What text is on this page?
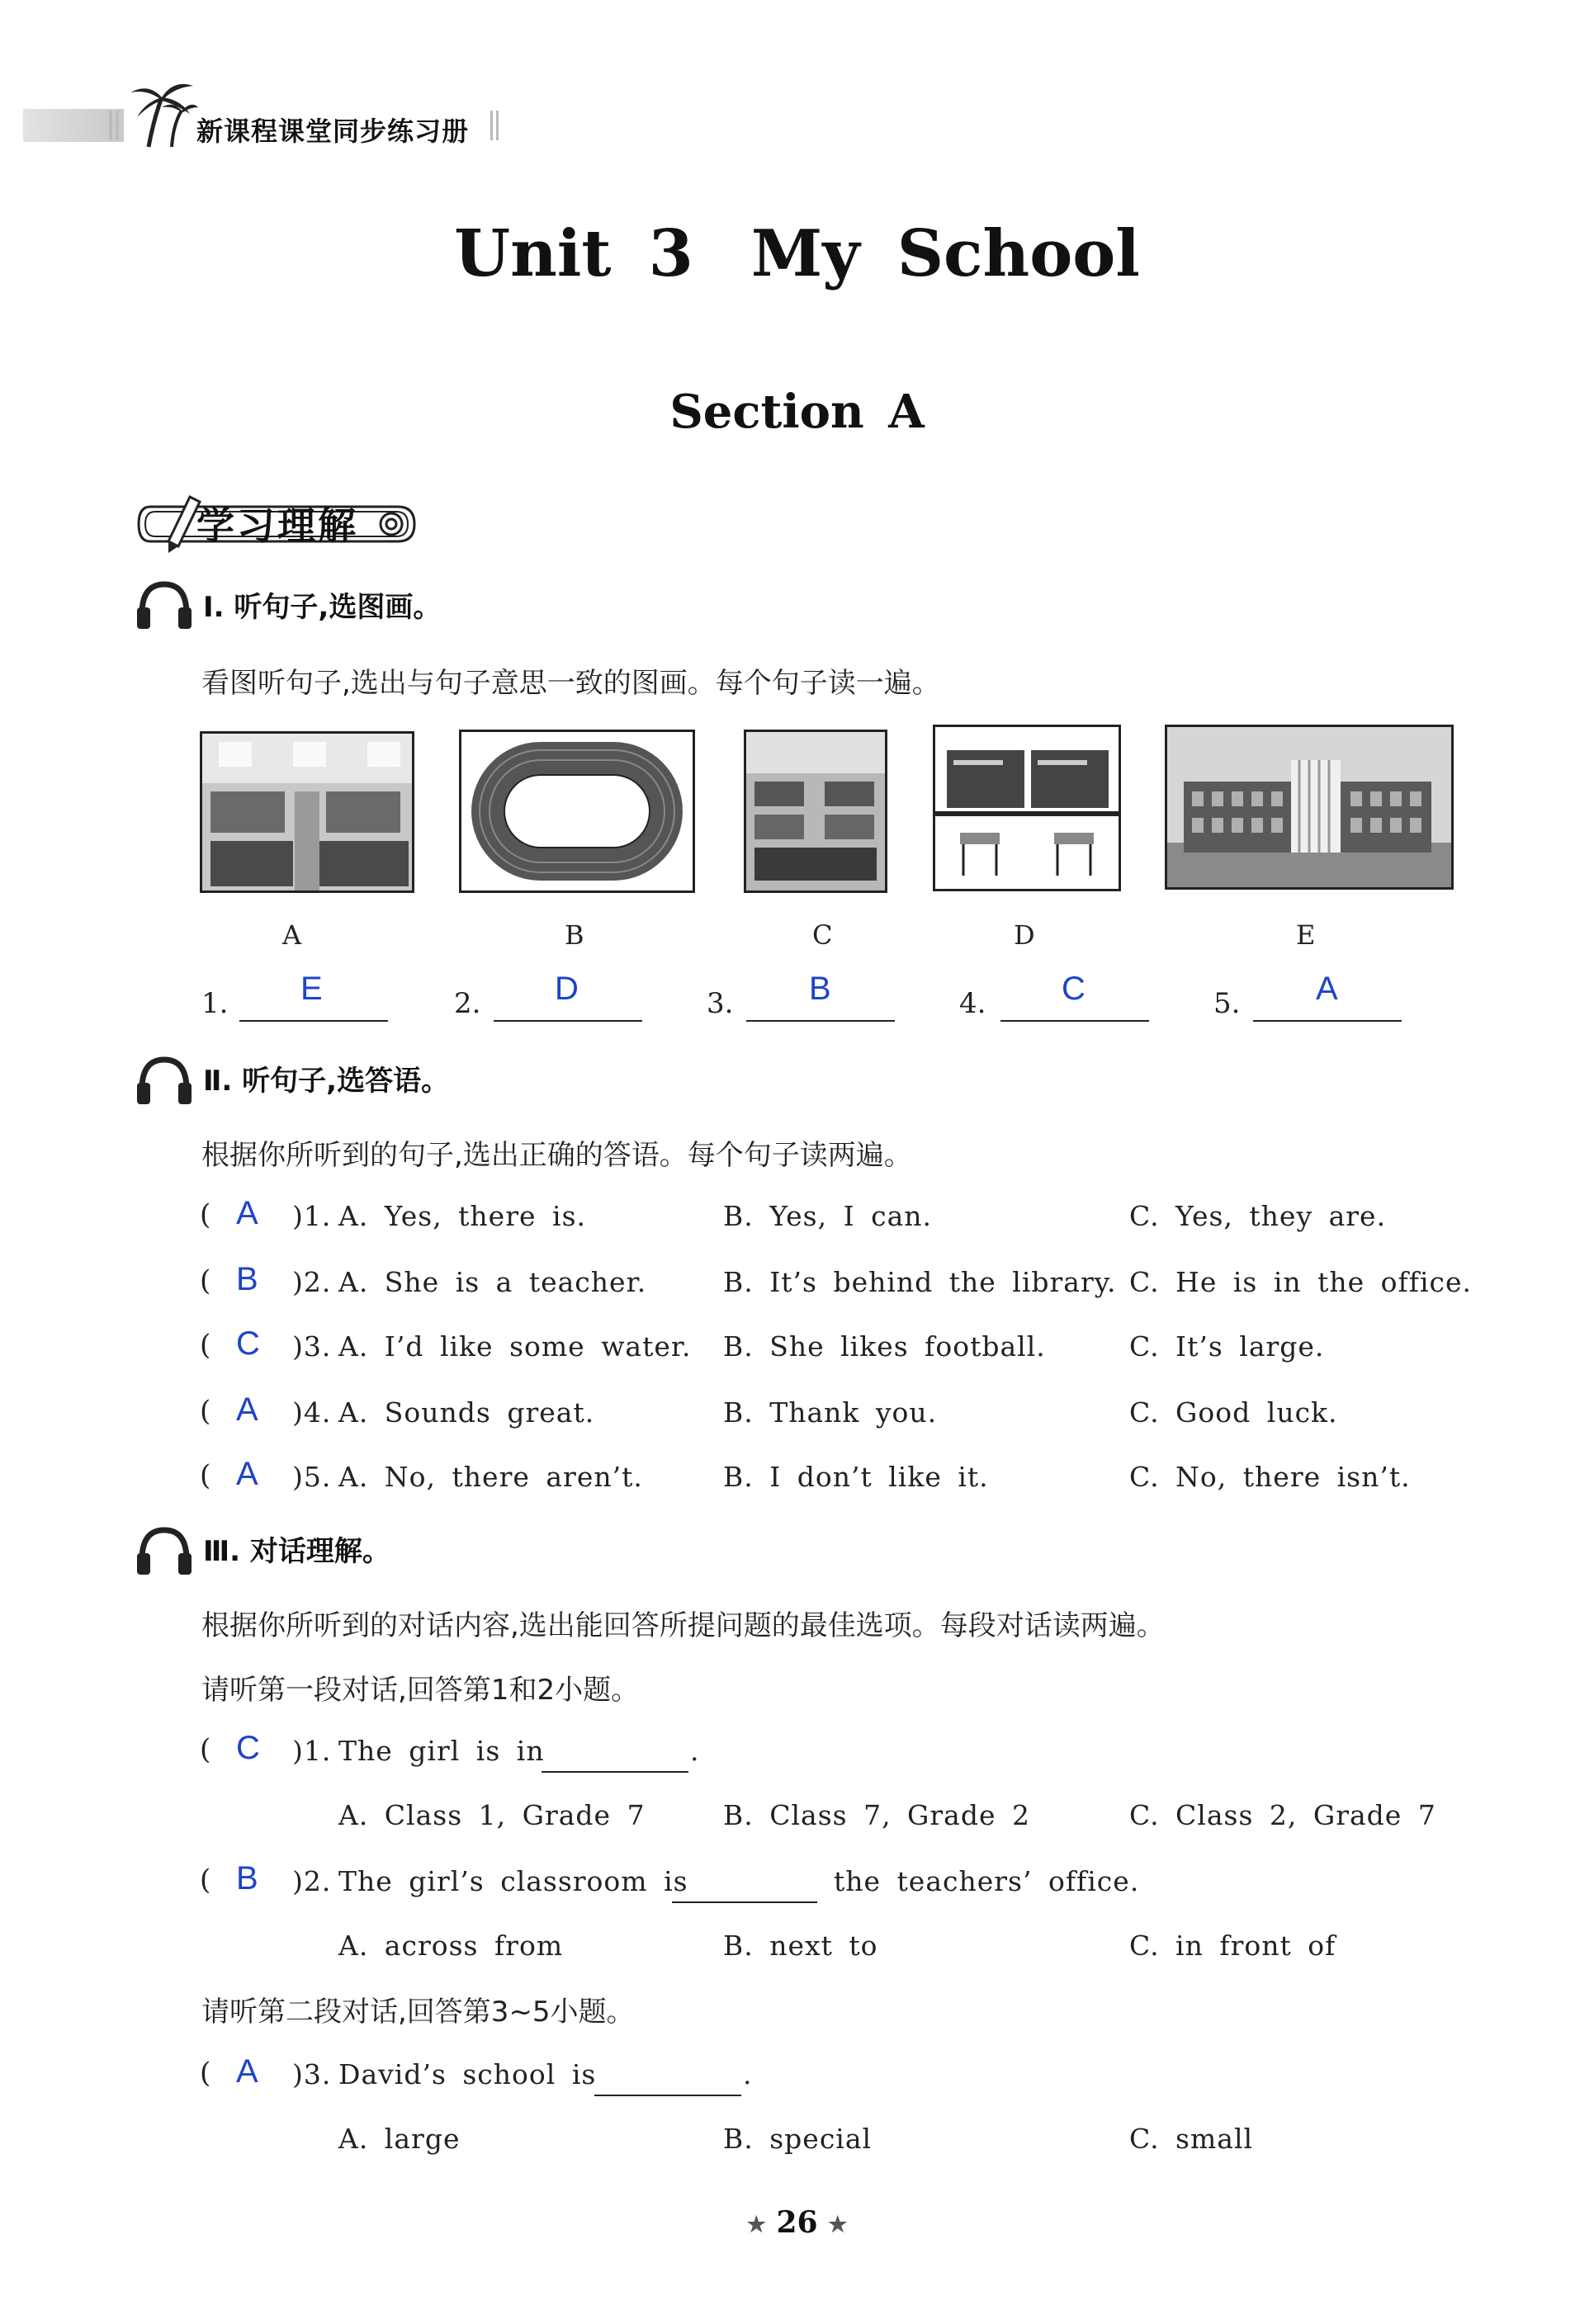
新课程课堂同步练习册
Unit 3 My School
Section A
学习理解
Ⅰ. 听句子,选图画。
看图听句子,选出与句子意思一致的图画。每个句子读一遍。
A	B	C	D	E
1. E	2. D	3. B	4. C	5. A
Ⅱ. 听句子,选答语。
根据你所听到的句子,选出正确的答语。每个句子读两遍。
( A )1. A. Yes, there is.	B. Yes, I can.	C. Yes, they are.
( B )2. A. She is a teacher.	B. It’s behind the library. C. He is in the office.
( C )3. A. I’d like some water. B. She likes football.	C. It’s large.
( A )4. A. Sounds great.	B. Thank you.	C. Good luck.
( A )5. A. No, there aren’t.	B. I don’t like it.	C. No, there isn’t.
Ⅲ. 对话理解。
根据你所听到的对话内容,选出能回答所提问题的最佳选项。每段对话读两遍。
请听第一段对话,回答第1和2小题。
( C )1. The girl is in	.
A. Class 1, Grade 7	B. Class 7, Grade 2	C. Class 2, Grade 7
( B )2. The girl’s classroom is	the teachers’ office.
A. across from	B. next to	C. in front of
请听第二段对话,回答第3~5小题。
( A )3. David’s school is	.
A. large	B. special	C. small
★ 26 ★
